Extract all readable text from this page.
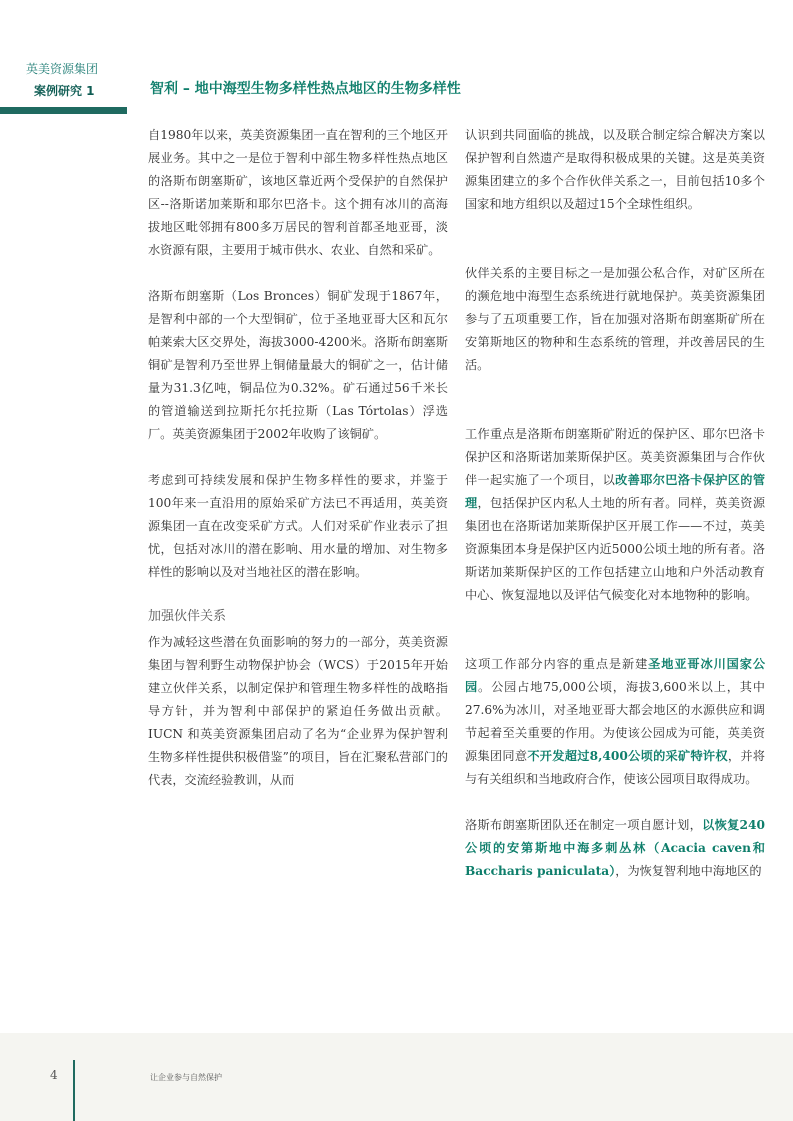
英美资源集团
案例研究 1	智利 – 地中海型生物多样性热点地区的生物多样性

自1980年以来，英美资源集团一直在智利的三个地区开展业务。其中之一是位于智利中部生物多样性热点地区的洛斯布朗塞斯矿，该地区靠近两个受保护的自然保护区--洛斯诺加莱斯和耶尔巴洛卡。这个拥有冰川的高海拔地区毗邻拥有800多万居民的智利首都圣地亚哥，淡水资源有限，主要用于城市供水、农业、自然和采矿。

洛斯布朗塞斯（Los Bronces）铜矿发现于1867年，是智利中部的一个大型铜矿，位于圣地亚哥大区和瓦尔帕莱索大区交界处，海拔3000-4200米。洛斯布朗塞斯铜矿是智利乃至世界上铜储量最大的铜矿之一，估计储量为31.3亿吨，铜品位为0.32%。矿石通过56千米长的管道输送到拉斯托尔托拉斯（Las Tórtolas）浮选厂。英美资源集团于2002年收购了该铜矿。

考虑到可持续发展和保护生物多样性的要求，并鉴于100年来一直沿用的原始采矿方法已不再适用，英美资源集团一直在改变采矿方式。人们对采矿作业表示了担忧，包括对冰川的潜在影响、用水量的增加、对生物多样性的影响以及对当地社区的潜在影响。

加强伙伴关系

作为减轻这些潜在负面影响的努力的一部分，英美资源集团与智利野生动物保护协会（WCS）于2015年开始建立伙伴关系，以制定保护和管理生物多样性的战略指导方针，并为智利中部保护的紧迫任务做出贡献。IUCN 和英美资源集团启动了名为“企业界为保护智利生物多样性提供积极借鉴”的项目，旨在汇聚私营部门的代表，交流经验教训，从而

认识到共同面临的挑战，以及联合制定综合解决方案以保护智利自然遗产是取得积极成果的关键。这是英美资源集团建立的多个合作伙伴关系之一，目前包括10多个国家和地方组织以及超过15个全球性组织。

伙伴关系的主要目标之一是加强公私合作，对矿区所在的濒危地中海型生态系统进行就地保护。英美资源集团参与了五项重要工作，旨在加强对洛斯布朗塞斯矿所在安第斯地区的物种和生态系统的管理，并改善居民的生活。

工作重点是洛斯布朗塞斯矿附近的保护区、耶尔巴洛卡保护区和洛斯诺加莱斯保护区。英美资源集团与合作伙伴一起实施了一个项目，以改善耶尔巴洛卡保护区的管理，包括保护区内私人土地的所有者。同样，英美资源集团也在洛斯诺加莱斯保护区开展工作——不过，英美资源集团本身是保护区内近5000公顷土地的所有者。洛斯诺加莱斯保护区的工作包括建立山地和户外活动教育中心、恢复湿地以及评估气候变化对本地物种的影响。

这项工作部分内容的重点是新建圣地亚哥冰川国家公园。公园占地75,000公顷，海拔3,600米以上，其中27.6%为冰川，对圣地亚哥大都会地区的水源供应和调节起着至关重要的作用。为使该公园成为可能，英美资源集团同意不开发超过8,400公顷的采矿特许权，并将与有关组织和当地政府合作，使该公园项目取得成功。

洛斯布朗塞斯团队还在制定一项自愿计划，以恢复240 公顷的安第斯地中海多刺丛林（Acacia caven和Baccharis paniculata），为恢复智利地中海地区的

4	让企业参与自然保护
